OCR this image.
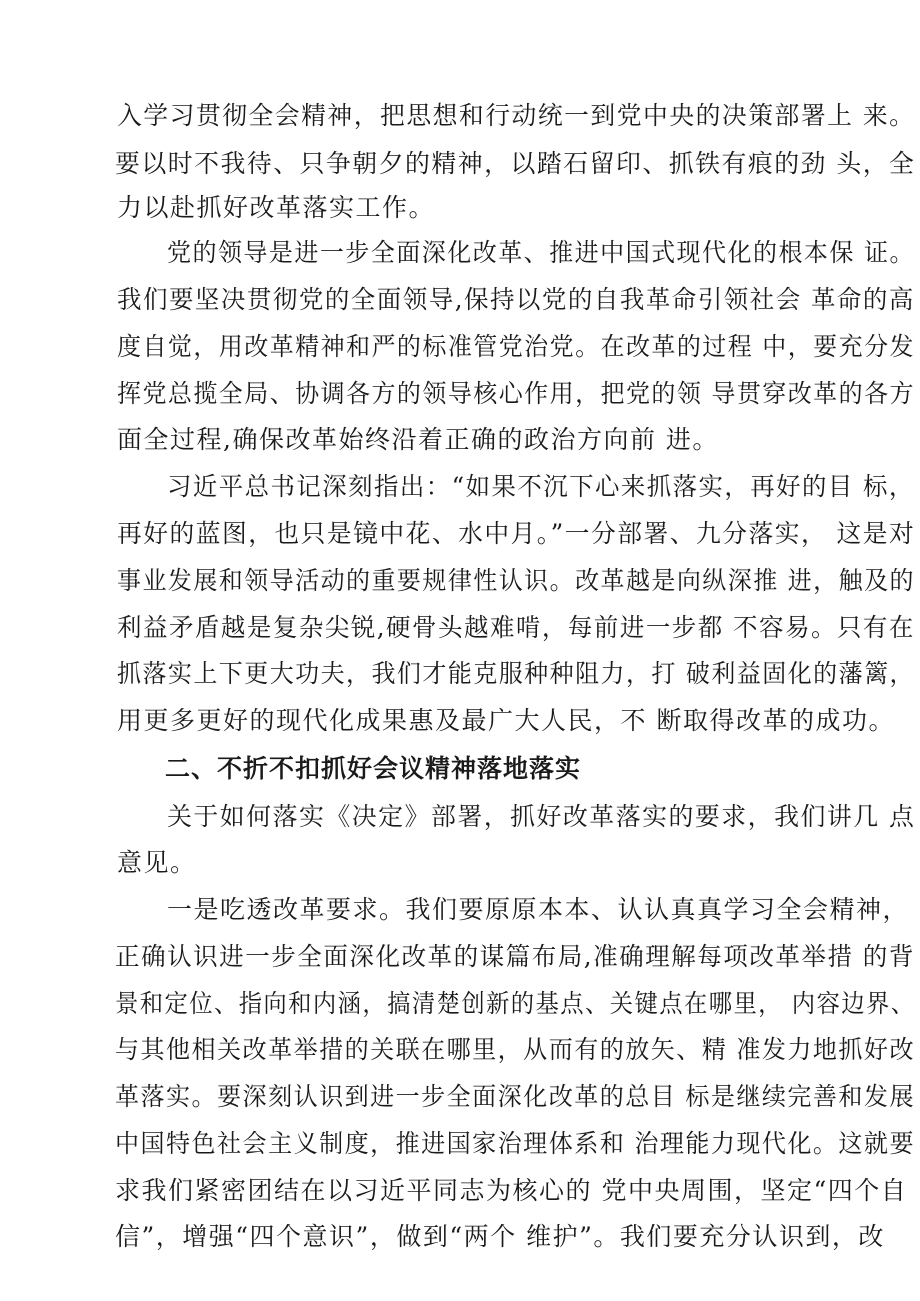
入学习贯彻全会精神，把思想和行动统一到党中央的决策部署上 来。
要以时不我待、只争朝夕的精神，以踏石留印、抓铁有痕的劲 头，全
力以赴抓好改革落实工作。
党的领导是进一步全面深化改革、推进中国式现代化的根本保 证。
我们要坚决贯彻党的全面领导,保持以党的自我革命引领社会 革命的高
度自觉，用改革精神和严的标准管党治党。在改革的过程 中，要充分发
挥党总揽全局、协调各方的领导核心作用，把党的领 导贯穿改革的各方
面全过程,确保改革始终沿着正确的政治方向前 进。
习近平总书记深刻指出：“如果不沉下心来抓落实，再好的目 标，
再好的蓝图，也只是镜中花、水中月。”一分部署、九分落实， 这是对
事业发展和领导活动的重要规律性认识。改革越是向纵深推 进，触及的
利益矛盾越是复杂尖锐,硬骨头越难啃，每前进一步都 不容易。只有在
抓落实上下更大功夫，我们才能克服种种阻力，打 破利益固化的藩篱，
用更多更好的现代化成果惠及最广大人民，不 断取得改革的成功。
二、不折不扣抓好会议精神落地落实
关于如何落实《决定》部署，抓好改革落实的要求，我们讲几 点
意见。
一是吃透改革要求。我们要原原本本、认认真真学习全会精神，
正确认识进一步全面深化改革的谋篇布局,准确理解每项改革举措 的背
景和定位、指向和内涵，搞清楚创新的基点、关键点在哪里， 内容边界、
与其他相关改革举措的关联在哪里，从而有的放矢、精 准发力地抓好改
革落实。要深刻认识到进一步全面深化改革的总目 标是继续完善和发展
中国特色社会主义制度，推进国家治理体系和 治理能力现代化。这就要
求我们紧密团结在以习近平同志为核心的 党中央周围，坚定“四个自
信”，增强“四个意识”，做到“两个 维护”。我们要充分认识到，改
